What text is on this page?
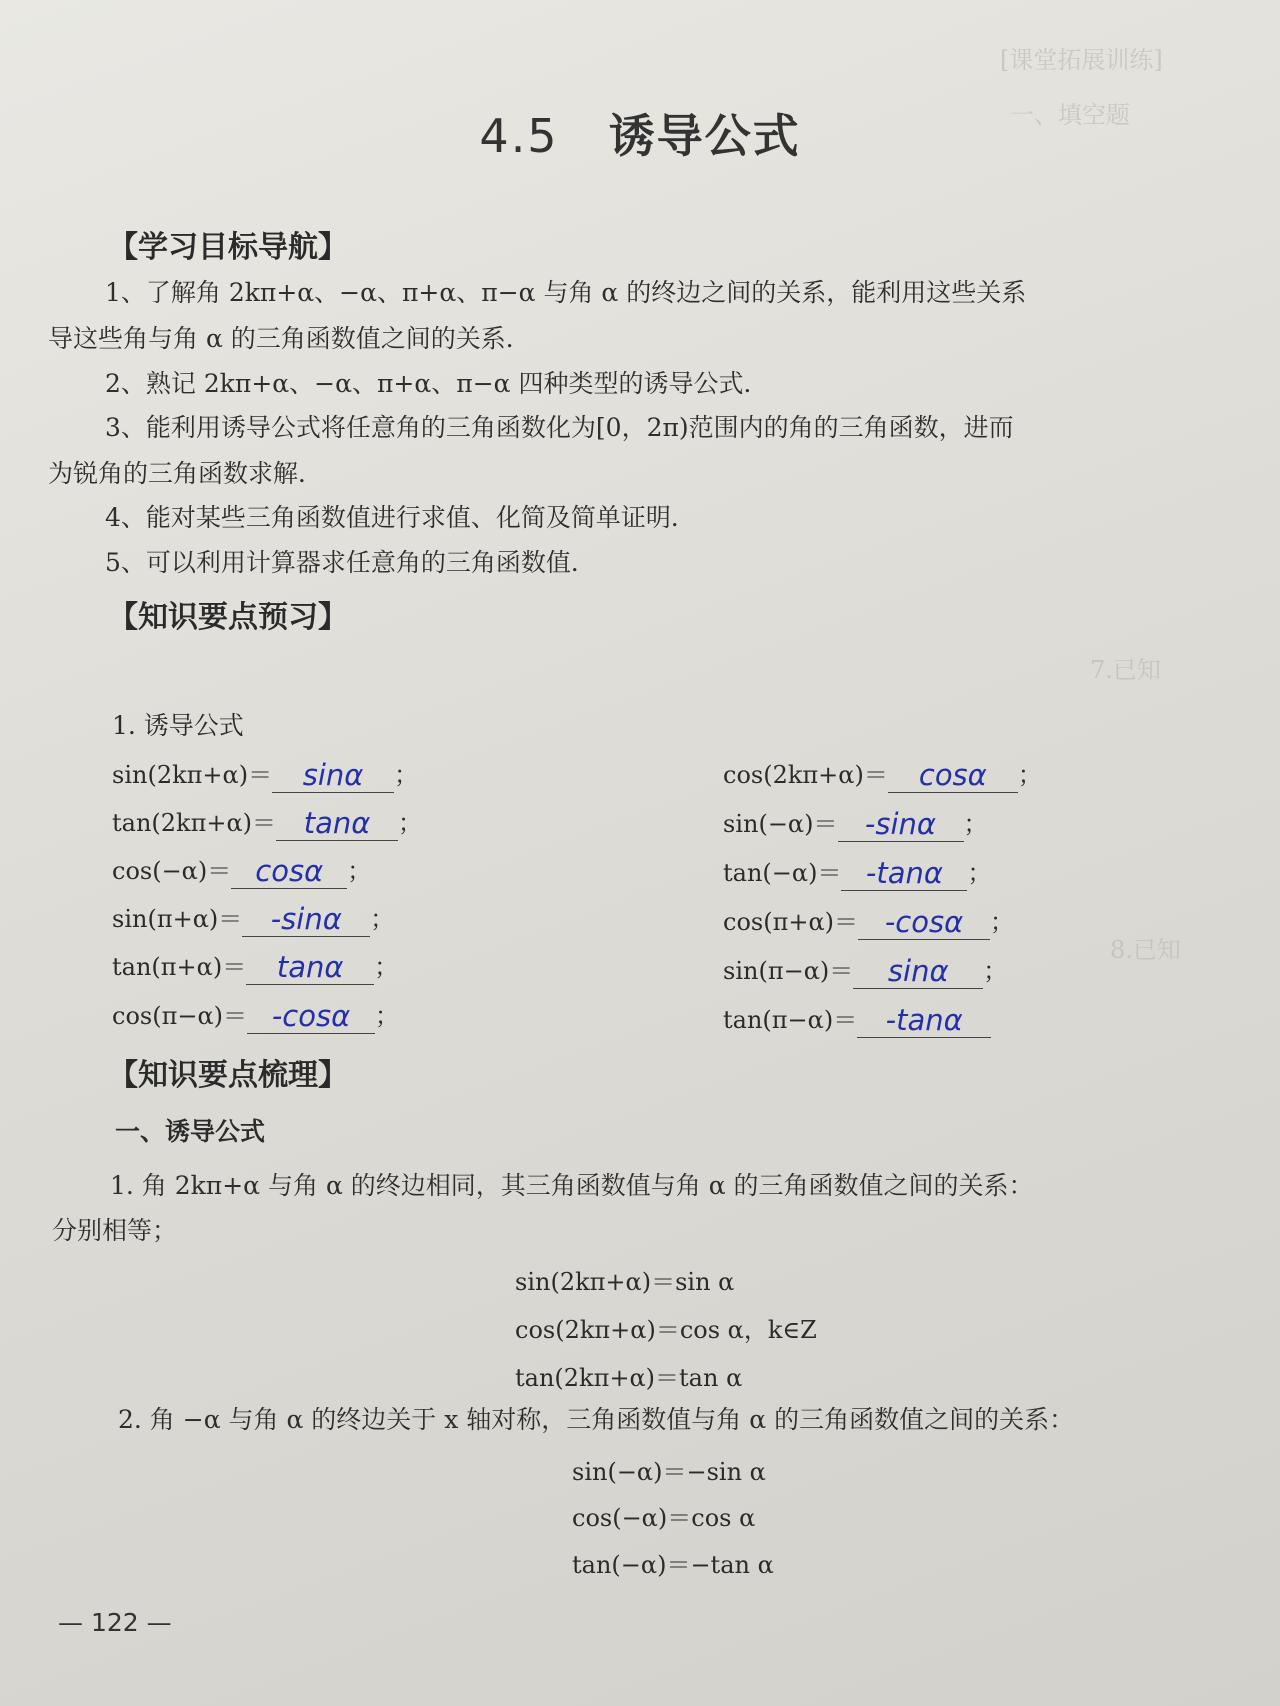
[课堂拓展训练]
一、填空题
7.已知
8.已知
4.5 诱导公式
【学习目标导航】
1、了解角 2kπ+α、−α、π+α、π−α 与角 α 的终边之间的关系，能利用这些关系
导这些角与角 α 的三角函数值之间的关系．
2、熟记 2kπ+α、−α、π+α、π−α 四种类型的诱导公式．
3、能利用诱导公式将任意角的三角函数化为[0，2π)范围内的角的三角函数，进而
为锐角的三角函数求解．
4、能对某些三角函数值进行求值、化简及简单证明．
5、可以利用计算器求任意角的三角函数值．
【知识要点预习】
1. 诱导公式
sin(2kπ+α)＝ sinα ；
tan(2kπ+α)＝ tanα ；
cos(−α)＝ cosα ；
sin(π+α)＝ -sinα ；
tan(π+α)＝ tanα ；
cos(π−α)＝ -cosα ；
cos(2kπ+α)＝ cosα ；
sin(−α)＝ -sinα ；
tan(−α)＝ -tanα ；
cos(π+α)＝ -cosα ；
sin(π−α)＝ sinα ；
tan(π−α)＝ -tanα
【知识要点梳理】
一、诱导公式
1. 角 2kπ+α 与角 α 的终边相同，其三角函数值与角 α 的三角函数值之间的关系：
分别相等；
sin(2kπ+α)＝sin α
cos(2kπ+α)＝cos α，k∈Z
tan(2kπ+α)＝tan α
2. 角 −α 与角 α 的终边关于 x 轴对称，三角函数值与角 α 的三角函数值之间的关系：
sin(−α)＝−sin α
cos(−α)＝cos α
tan(−α)＝−tan α
— 122 —
